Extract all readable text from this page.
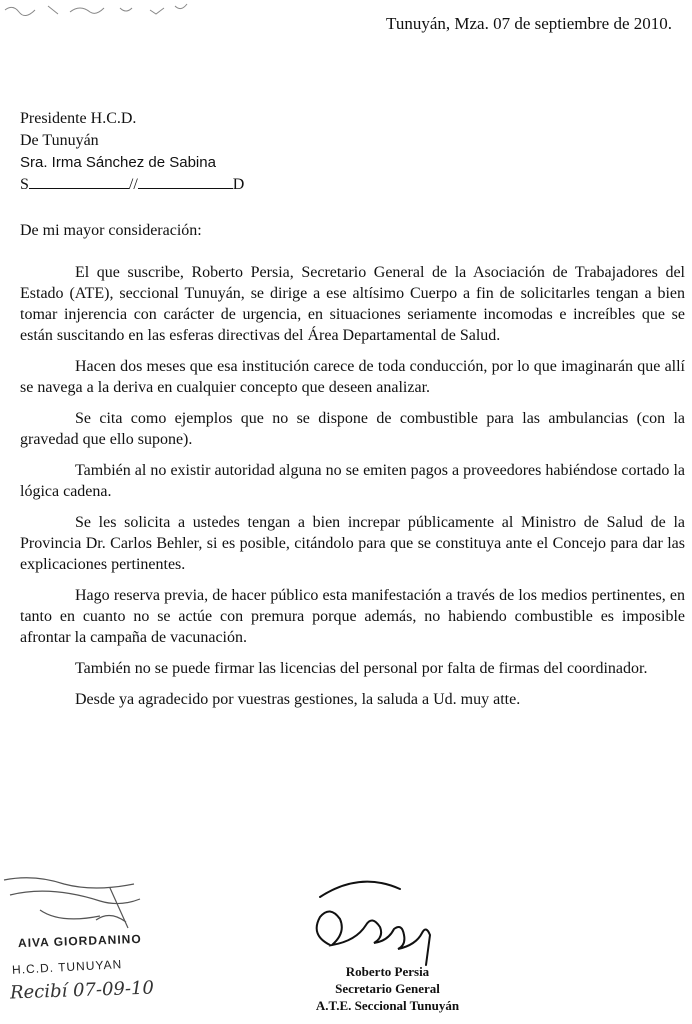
Tunuyán, Mza. 07 de septiembre de 2010.
Presidente H.C.D.
De Tunuyán
Sra. Irma Sánchez de Sabina
S	//	D
De mi mayor consideración:

El que suscribe, Roberto Persia, Secretario General de la Asociación de Trabajadores del Estado (ATE), seccional Tunuyán, se dirige a ese altísimo Cuerpo a fin de solicitarles tengan a bien tomar injerencia con carácter de urgencia, en situaciones seriamente incomodas e increíbles que se están suscitando en las esferas directivas del Área Departamental de Salud.

Hacen dos meses que esa institución carece de toda conducción, por lo que imaginarán que allí se navega a la deriva en cualquier concepto que deseen analizar.

Se cita como ejemplos que no se dispone de combustible para las ambulancias (con la gravedad que ello supone).

También al no existir autoridad alguna no se emiten pagos a proveedores habiéndose cortado la lógica cadena.

Se les solicita a ustedes tengan a bien increpar públicamente al Ministro de Salud de la Provincia Dr. Carlos Behler, si es posible, citándolo para que se constituya ante el Concejo para dar las explicaciones pertinentes.

Hago reserva previa, de hacer público esta manifestación a través de los medios pertinentes, en tanto en cuanto no se actúe con premura porque además, no habiendo combustible es imposible afrontar la campaña de vacunación.

También no se puede firmar las licencias del personal por falta de firmas del coordinador.

Desde ya agradecido por vuestras gestiones, la saluda a Ud. muy atte.

AIVA GIORDANINO
H.C.D. TUNUYAN
Recibí 07-09-10
Roberto Persia
Secretario General
A.T.E. Seccional Tunuyán
